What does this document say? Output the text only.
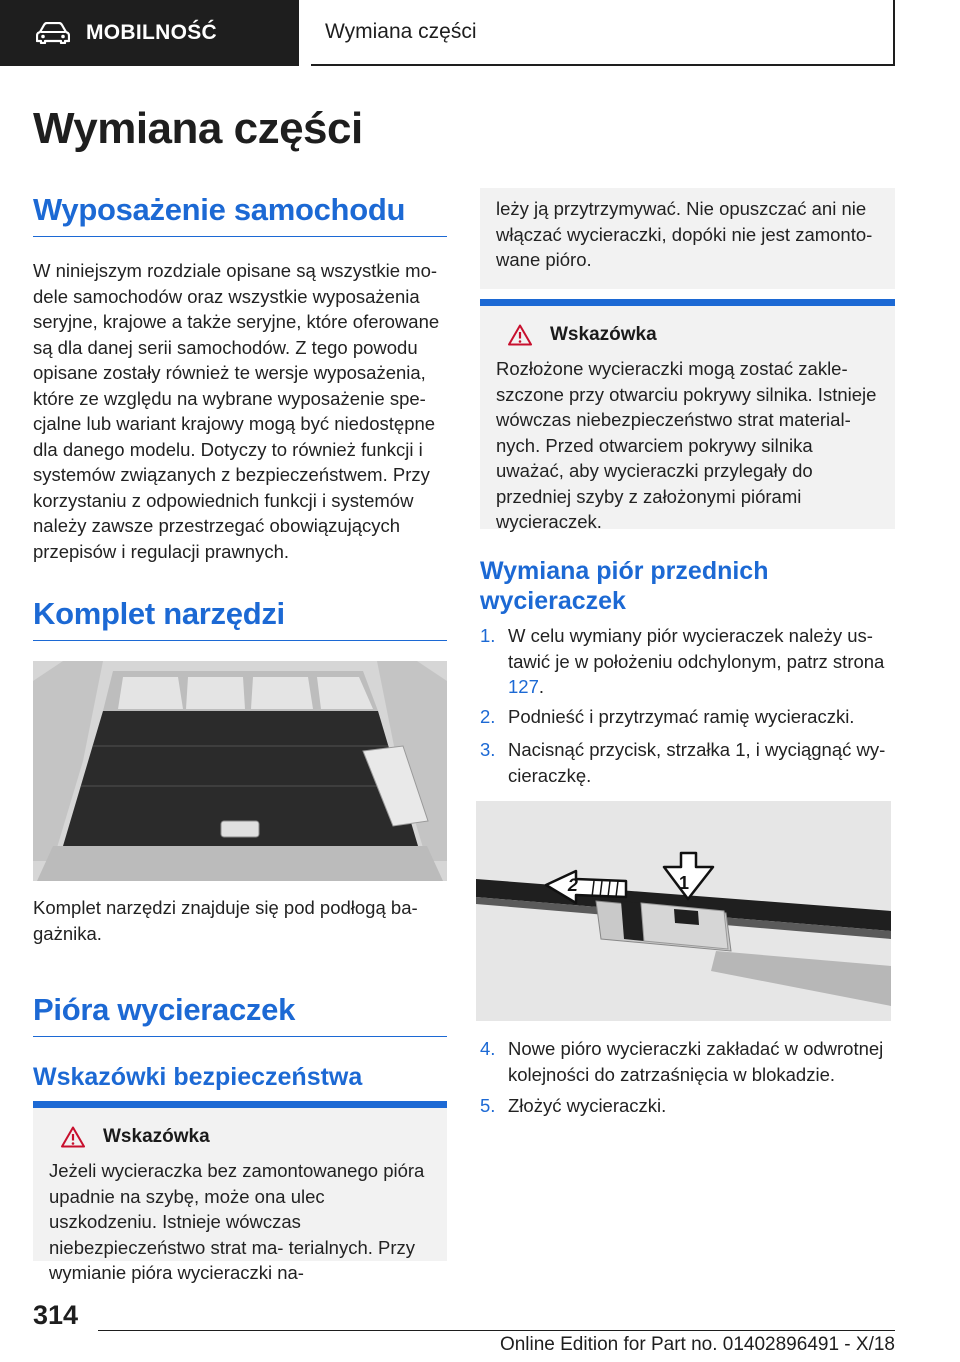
MOBILNOŚĆ	Wymiana części
Wymiana części
Wyposażenie samochodu

W niniejszym rozdziale opisane są wszystkie mo- dele samochodów oraz wszystkie wyposażenia seryjne, krajowe a także seryjne, które oferowane są dla danej serii samochodów. Z tego powodu opisane zostały również te wersje wyposażenia, które ze względu na wybrane wyposażenie spe- cjalne lub wariant krajowy mogą być niedostępne dla danego modelu. Dotyczy to również funkcji i systemów związanych z bezpieczeństwem. Przy korzystaniu z odpowiednich funkcji i systemów należy zawsze przestrzegać obowiązujących przepisów i regulacji prawnych.

Komplet narzędzi

Komplet narzędzi znajduje się pod podłogą ba- gażnika.

Pióra wycieraczek
Wskazówki bezpieczeństwa
Wskazówka

Jeżeli wycieraczka bez zamontowanego pióra upadnie na szybę, może ona ulec uszkodzeniu. Istnieje wówczas niebezpieczeństwo strat ma- terialnych. Przy wymianie pióra wycieraczki na-

leży ją przytrzymywać. Nie opuszczać ani nie włączać wycieraczki, dopóki nie jest zamonto- wane pióro.

Wskazówka

Rozłożone wycieraczki mogą zostać zakle- szczone przy otwarciu pokrywy silnika. Istnieje wówczas niebezpieczeństwo strat material- nych. Przed otwarciem pokrywy silnika uważać, aby wycieraczki przylegały do przedniej szyby z założonymi piórami wycieraczek.

Wymiana piór przednich wycieraczek
1. W celu wymiany piór wycieraczek należy us- tawić je w położeniu odchylonym, patrz strona 127.
2. Podnieść i przytrzymać ramię wycieraczki.
3. Nacisnąć przycisk, strzałka 1, i wyciągnąć wy- cieraczkę.
1
2
4. Nowe pióro wycieraczki zakładać w odwrotnej kolejności do zatrzaśnięcia w blokadzie.
5. Złożyć wycieraczki.
314
Online Edition for Part no. 01402896491 - X/18
